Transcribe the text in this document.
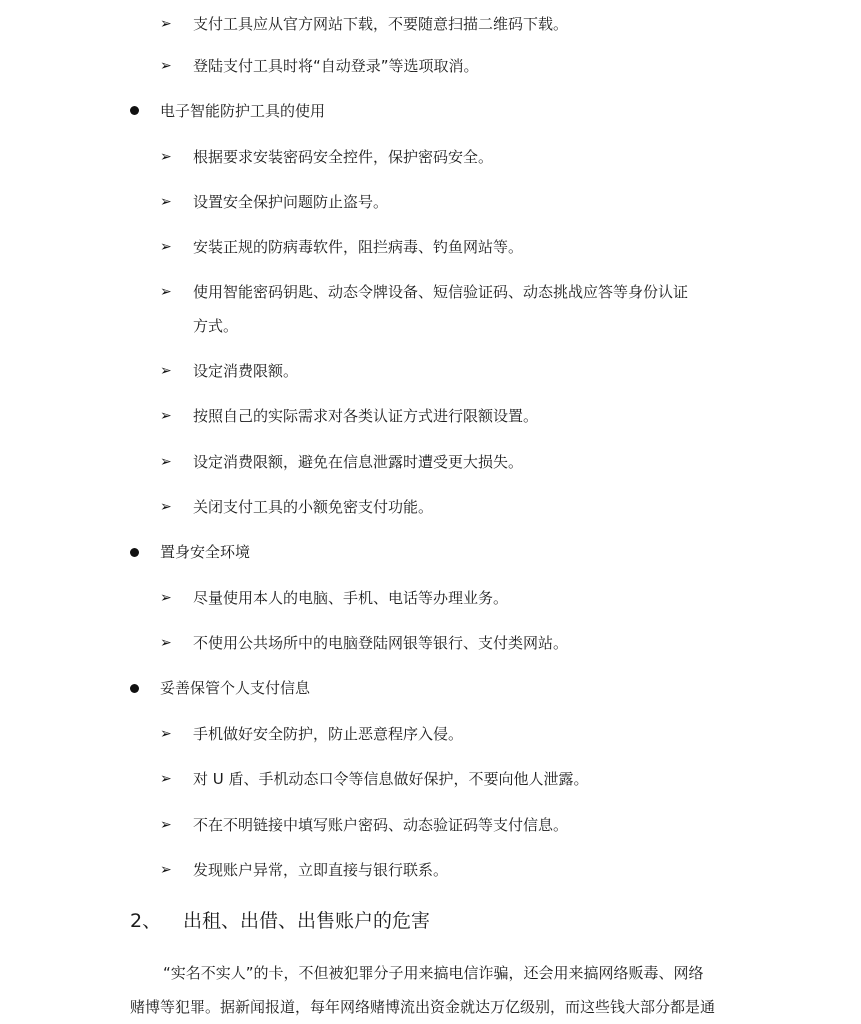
➢ 支付工具应从官方网站下载，不要随意扫描二维码下载。
➢ 登陆支付工具时将“自动登录”等选项取消。
电子智能防护工具的使用
➢ 根据要求安装密码安全控件，保护密码安全。
➢ 设置安全保护问题防止盗号。
➢ 安装正规的防病毒软件，阻拦病毒、钓鱼网站等。
➢ 使用智能密码钥匙、动态令牌设备、短信验证码、动态挑战应答等身份认证
方式。
➢ 设定消费限额。
➢ 按照自己的实际需求对各类认证方式进行限额设置。
➢ 设定消费限额，避免在信息泄露时遭受更大损失。
➢ 关闭支付工具的小额免密支付功能。
置身安全环境
➢ 尽量使用本人的电脑、手机、电话等办理业务。
➢ 不使用公共场所中的电脑登陆网银等银行、支付类网站。
妥善保管个人支付信息
➢ 手机做好安全防护，防止恶意程序入侵。
➢ 对 U 盾、手机动态口令等信息做好保护，不要向他人泄露。
➢ 不在不明链接中填写账户密码、动态验证码等支付信息。
➢ 发现账户异常，立即直接与银行联系。
2、 出租、出借、出售账户的危害
“实名不实人”的卡，不但被犯罪分子用来搞电信诈骗，还会用来搞网络贩毒、网络
赌博等犯罪。据新闻报道，每年网络赌博流出资金就达万亿级别，而这些钱大部分都是通
